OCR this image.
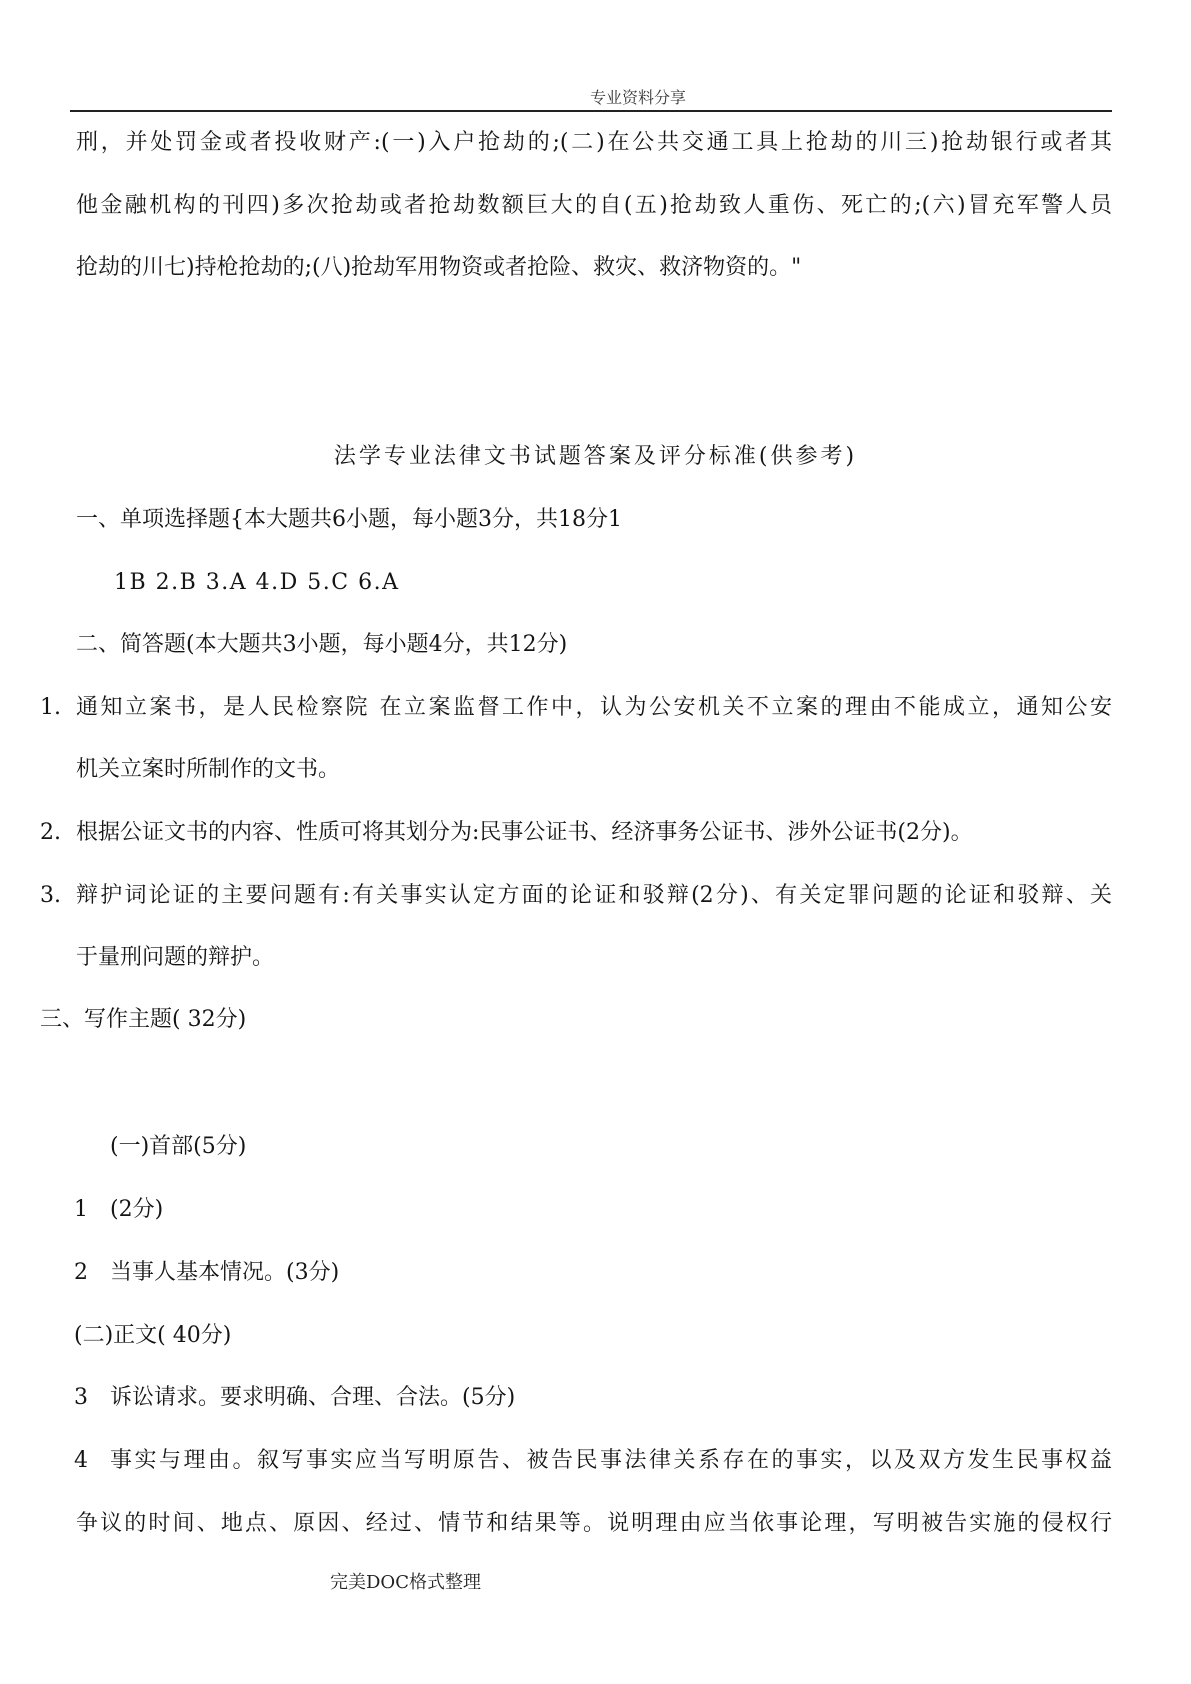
专业资料分享
刑，并处罚金或者投收财产:(一)入户抢劫的;(二)在公共交通工具上抢劫的川三)抢劫银行或者其
他金融机构的刊四)多次抢劫或者抢劫数额巨大的自(五)抢劫致人重伤、死亡的;(六)冒充军警人员
抢劫的川七)持枪抢劫的;(八)抢劫军用物资或者抢险、救灾、救济物资的。"
法学专业法律文书试题答案及评分标准(供参考)
一、单项选择题{本大题共6小题，每小题3分，共18分1
1B 2.B 3.A 4.D 5.C 6.A
二、简答题(本大题共3小题，每小题4分，共12分)
1. 通知立案书，是人民检察院 在立案监督工作中，认为公安机关不立案的理由不能成立，通知公安
机关立案时所制作的文书。
2. 根据公证文书的内容、性质可将其划分为:民事公证书、经济事务公证书、涉外公证书(2分)。
3. 辩护词论证的主要问题有:有关事实认定方面的论证和驳辩(2分)、有关定罪问题的论证和驳辩、关
于量刑问题的辩护。
三、写作主题( 32分)
(一)首部(5分)
1 (2分)
2 当事人基本情况。(3分)
(二)正文( 40分)
3 诉讼请求。要求明确、合理、合法。(5分)
4 事实与理由。叙写事实应当写明原告、被告民事法律关系存在的事实，以及双方发生民事权益
争议的时间、地点、原因、经过、情节和结果等。说明理由应当依事论理，写明被告实施的侵权行
完美DOC格式整理
